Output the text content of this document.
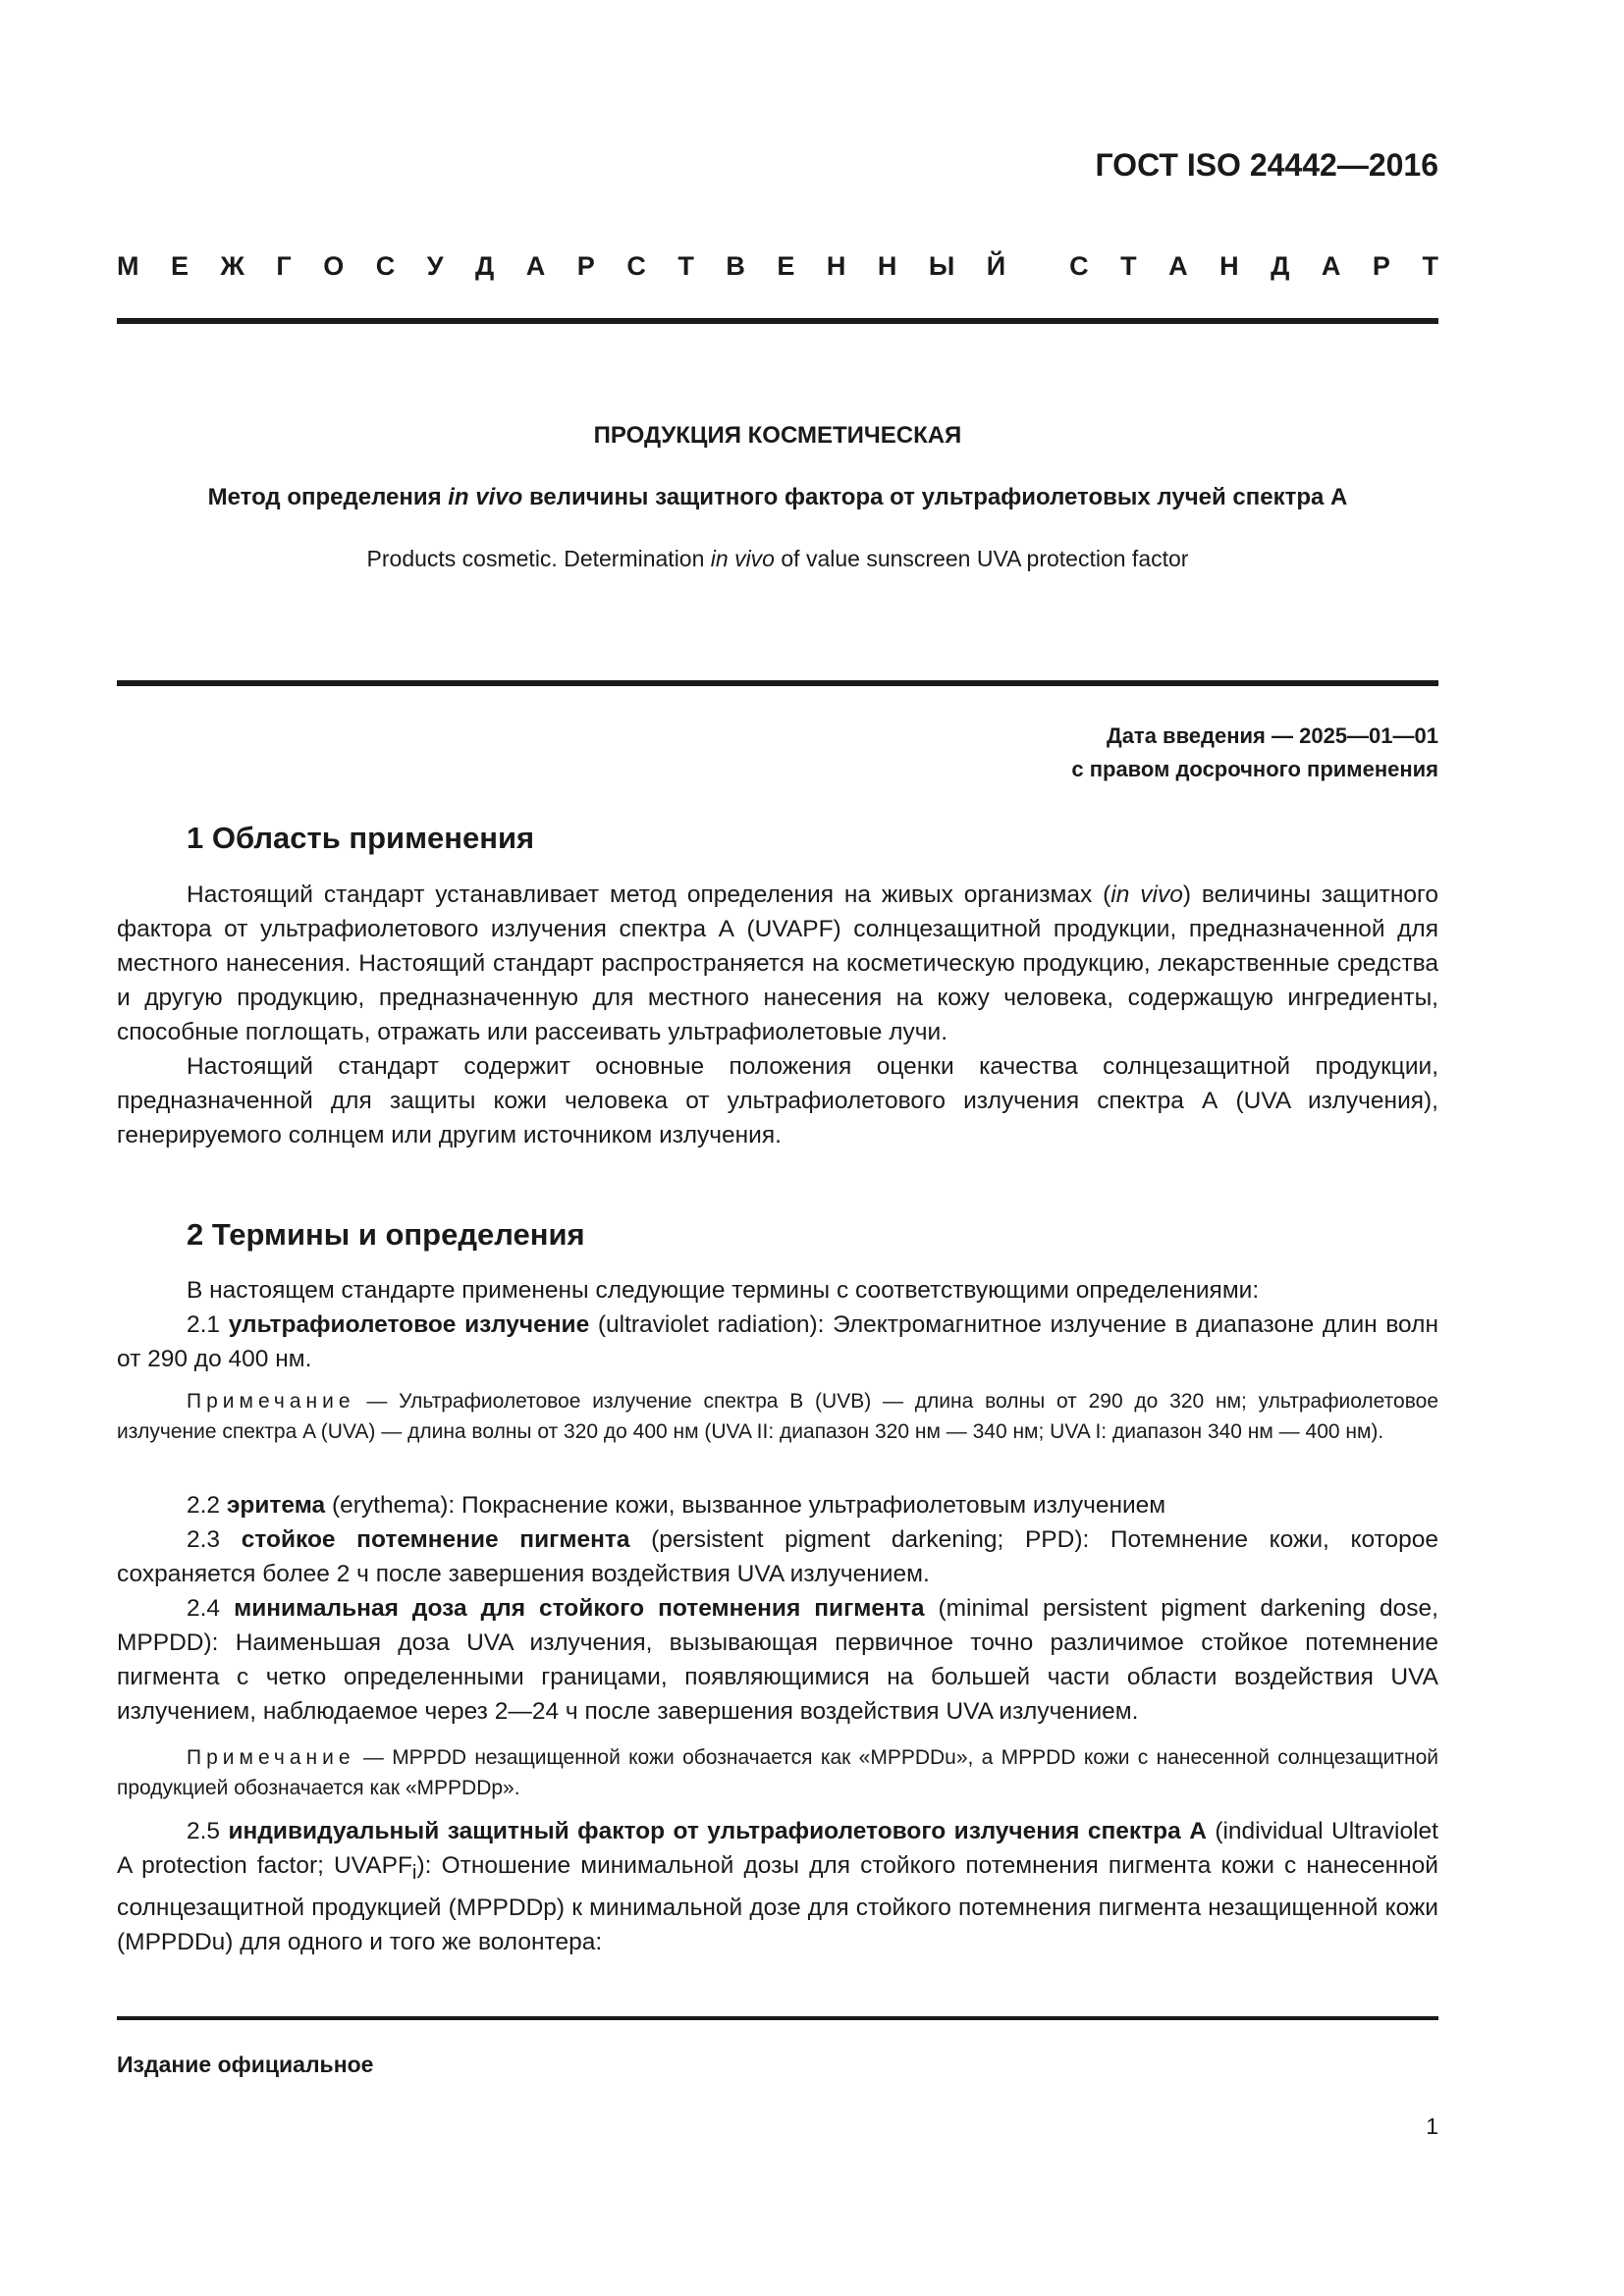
ГОСТ ISO 24442—2016
М Е Ж Г О С У Д А Р С Т В Е Н Н Ы Й С Т А Н Д А Р Т
ПРОДУКЦИЯ КОСМЕТИЧЕСКАЯ
Метод определения in vivo величины защитного фактора от ультрафиолетовых лучей спектра A
Products cosmetic. Determination in vivo of value sunscreen UVA protection factor
Дата введения — 2025—01—01
с правом досрочного применения
1 Область применения

Настоящий стандарт устанавливает метод определения на живых организмах (in vivo) величины защитного фактора от ультрафиолетового излучения спектра А (UVAPF) солнцезащитной продукции, предназначенной для местного нанесения. Настоящий стандарт распространяется на косметическую продукцию, лекарственные средства и другую продукцию, предназначенную для местного нанесения на кожу человека, содержащую ингредиенты, способные поглощать, отражать или рассеивать ультрафиолетовые лучи.

Настоящий стандарт содержит основные положения оценки качества солнцезащитной продукции, предназначенной для защиты кожи человека от ультрафиолетового излучения спектра А (UVA излучения), генерируемого солнцем или другим источником излучения.

2 Термины и определения

В настоящем стандарте применены следующие термины с соответствующими определениями:

2.1 ультрафиолетовое излучение (ultraviolet radiation): Электромагнитное излучение в диапазоне длин волн от 290 до 400 нм.

Примечание — Ультрафиолетовое излучение спектра B (UVB) — длина волны от 290 до 320 нм; ультрафиолетовое излучение спектра A (UVA) — длина волны от 320 до 400 нм (UVA II: диапазон 320 нм — 340 нм; UVA I: диапазон 340 нм — 400 нм).

2.2 эритема (erythema): Покраснение кожи, вызванное ультрафиолетовым излучением

2.3 стойкое потемнение пигмента (persistent pigment darkening; PPD): Потемнение кожи, которое сохраняется более 2 ч после завершения воздействия UVA излучением.

2.4 минимальная доза для стойкого потемнения пигмента (minimal persistent pigment darkening dose, MPPDD): Наименьшая доза UVA излучения, вызывающая первичное точно различимое стойкое потемнение пигмента с четко определенными границами, появляющимися на большей части области воздействия UVA излучением, наблюдаемое через 2—24 ч после завершения воздействия UVA излучением.

Примечание — MPPDD незащищенной кожи обозначается как «MPPDDu», а MPPDD кожи с нанесенной солнцезащитной продукцией обозначается как «MPPDDp».

2.5 индивидуальный защитный фактор от ультрафиолетового излучения спектра А (individual Ultraviolet A protection factor; $UVAPF_i$): Отношение минимальной дозы для стойкого потемнения пигмента кожи с нанесенной солнцезащитной продукцией (MPPDDp) к минимальной дозе для стойкого потемнения пигмента незащищенной кожи (MPPDDu) для одного и того же волонтера:

Издание официальное
1
